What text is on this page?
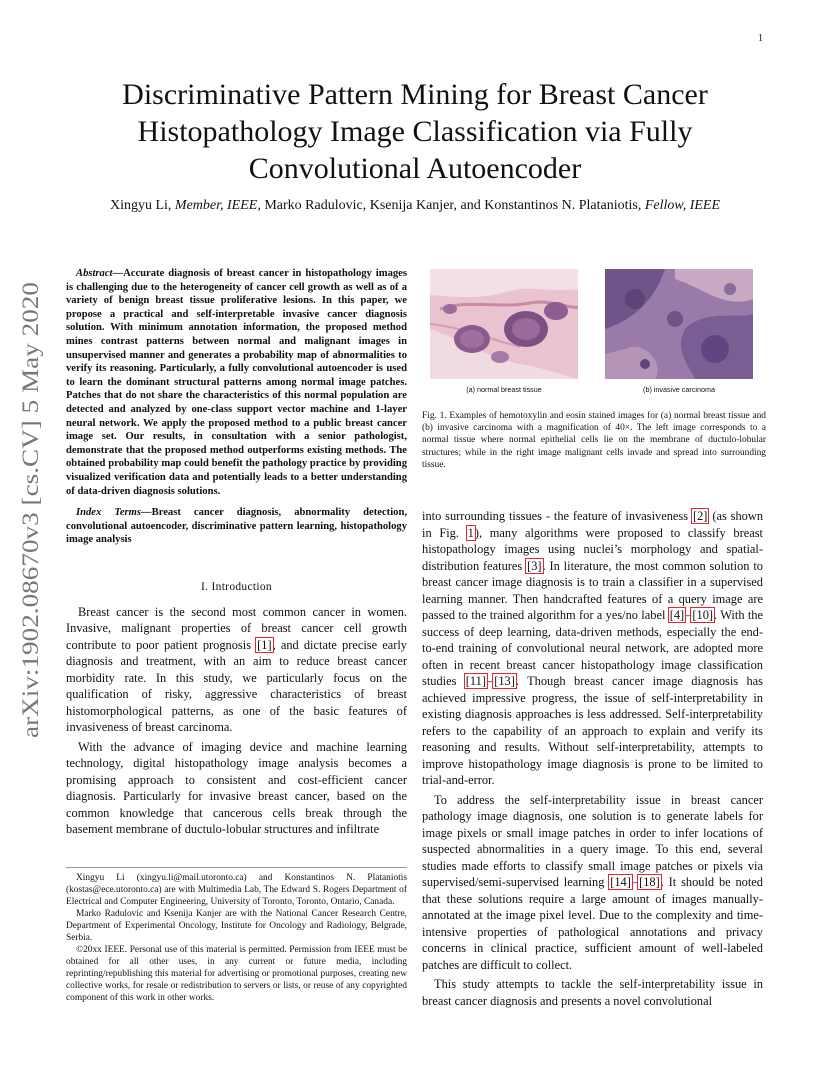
1
arXiv:1902.08670v3 [cs.CV] 5 May 2020
Discriminative Pattern Mining for Breast Cancer
Histopathology Image Classification via Fully
Convolutional Autoencoder
Xingyu Li, Member, IEEE, Marko Radulovic, Ksenija Kanjer, and Konstantinos N. Plataniotis, Fellow, IEEE

Abstract—Accurate diagnosis of breast cancer in histopathology images is challenging due to the heterogeneity of cancer cell growth as well as of a variety of benign breast tissue proliferative lesions. In this paper, we propose a practical and self-interpretable invasive cancer diagnosis solution. With minimum annotation information, the proposed method mines contrast patterns between normal and malignant images in unsupervised manner and generates a probability map of abnormalities to verify its reasoning. Particularly, a fully convolutional autoencoder is used to learn the dominant structural patterns among normal image patches. Patches that do not share the characteristics of this normal population are detected and analyzed by one-class support vector machine and 1-layer neural network. We apply the proposed method to a public breast cancer image set. Our results, in consultation with a senior pathologist, demonstrate that the proposed method outperforms existing methods. The obtained probability map could benefit the pathology practice by providing visualized verification data and potentially leads to a better understanding of data-driven diagnosis solutions.

Index Terms—Breast cancer diagnosis, abnormality detection, convolutional autoencoder, discriminative pattern learning, histopathology image analysis

I. Introduction

Breast cancer is the second most common cancer in women. Invasive, malignant properties of breast cancer cell growth contribute to poor patient prognosis [1], and dictate precise early diagnosis and treatment, with an aim to reduce breast cancer morbidity rate. In this study, we particularly focus on the qualification of risky, aggressive characteristics of breast histomorphological patterns, as one of the basic features of invasiveness of breast carcinoma.

With the advance of imaging device and machine learning technology, digital histopathology image analysis becomes a promising approach to consistent and cost-efficient cancer diagnosis. Particularly for invasive breast cancer, based on the common knowledge that cancerous cells break through the basement membrane of ductulo-lobular structures and infiltrate

Xingyu Li (xingyu.li@mail.utoronto.ca) and Konstantinos N. Plataniotis (kostas@ece.utoronto.ca) are with Multimedia Lab, The Edward S. Rogers Department of Electrical and Computer Engineering, University of Toronto, Toronto, Ontario, Canada.

Marko Radulovic and Ksenija Kanjer are with the National Cancer Research Centre, Department of Experimental Oncology, Institute for Oncology and Radiology, Belgrade, Serbia.

©20xx IEEE. Personal use of this material is permitted. Permission from IEEE must be obtained for all other uses, in any current or future media, including reprinting/republishing this material for advertising or promotional purposes, creating new collective works, for resale or redistribution to servers or lists, or reuse of any copyrighted component of this work in other works.

(a) normal breast tissue	(b) invasive carcinoma

Fig. 1. Examples of hemotoxylin and eosin stained images for (a) normal breast tissue and (b) invasive carcinoma with a magnification of 40×. The left image corresponds to a normal tissue where normal epithelial cells lie on the membrane of ductulo-lobular structures; while in the right image malignant cells invade and spread into surrounding tissue.

into surrounding tissues - the feature of invasiveness [2] (as shown in Fig. 1), many algorithms were proposed to classify breast histopathology images using nuclei’s morphology and spatial-distribution features [3]. In literature, the most common solution to breast cancer image diagnosis is to train a classifier in a supervised learning manner. Then handcrafted features of a query image are passed to the trained algorithm for a yes/no label [4]–[10]. With the success of deep learning, data-driven methods, especially the end-to-end training of convolutional neural network, are adopted more often in recent breast cancer histopathology image classification studies [11]–[13]. Though breast cancer image diagnosis has achieved impressive progress, the issue of self-interpretability in existing diagnosis approaches is less addressed. Self-interpretability refers to the capability of an approach to explain and verify its reasoning and results. Without self-interpretability, attempts to improve histopathology image diagnosis is prone to be limited to trial-and-error.

To address the self-interpretability issue in breast cancer pathology image diagnosis, one solution is to generate labels for image pixels or small image patches in order to infer locations of suspected abnormalities in a query image. To this end, several studies made efforts to classify small image patches or pixels via supervised/semi-supervised learning [14]–[18]. It should be noted that these solutions require a large amount of images manually-annotated at the image pixel level. Due to the complexity and time-intensive properties of pathological annotations and privacy concerns in clinical practice, sufficient amount of well-labeled patches are difficult to collect.

This study attempts to tackle the self-interpretability issue in breast cancer diagnosis and presents a novel convolutional
